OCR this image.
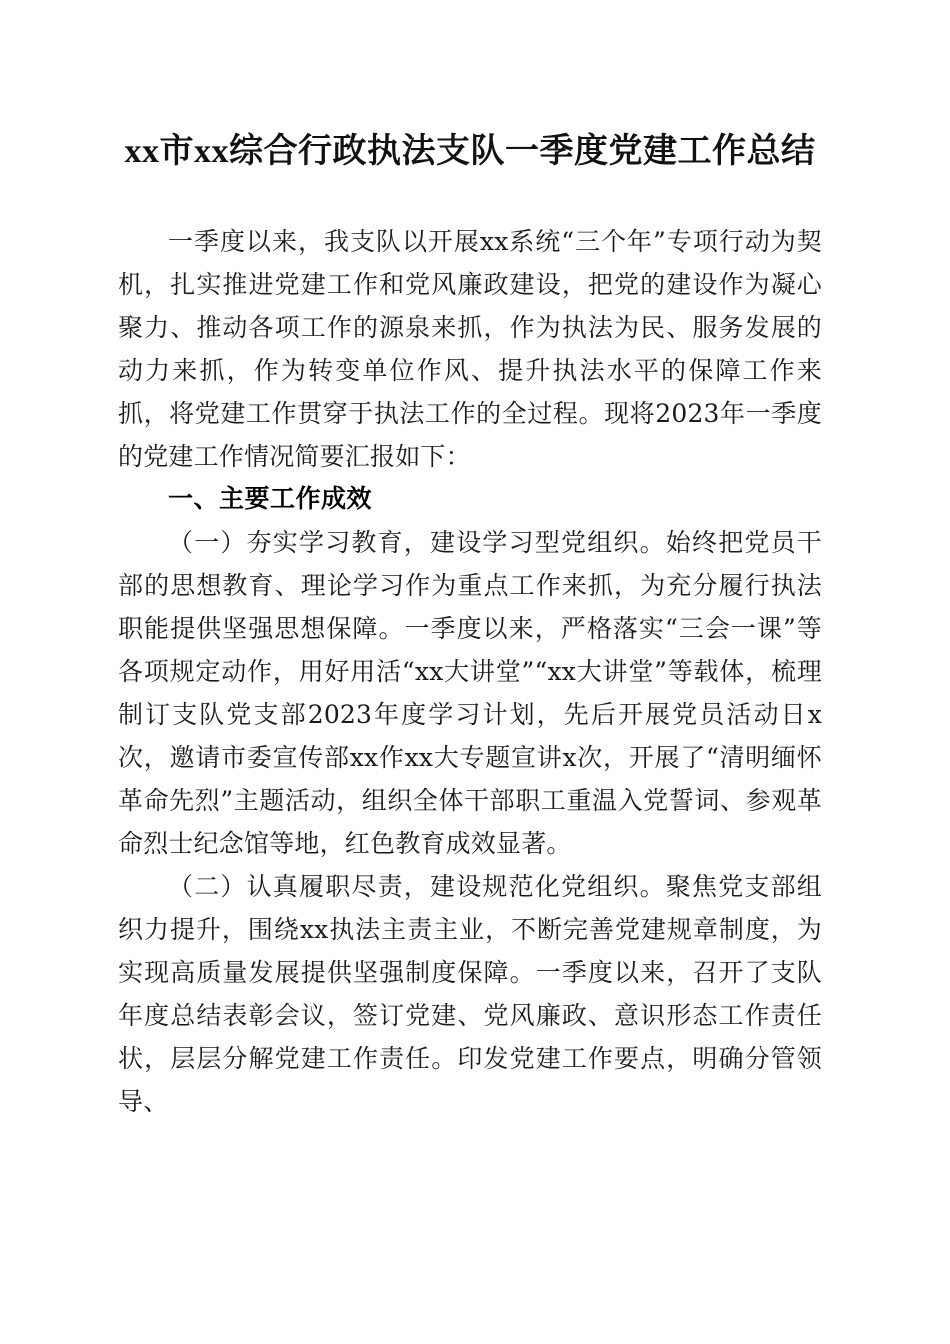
xx市xx综合行政执法支队一季度党建工作总结

一季度以来，我支队以开展xx系统“三个年”专项行动为契机，扎实推进党建工作和党风廉政建设，把党的建设作为凝心聚力、推动各项工作的源泉来抓，作为执法为民、服务发展的动力来抓，作为转变单位作风、提升执法水平的保障工作来抓，将党建工作贯穿于执法工作的全过程。现将2023年一季度的党建工作情况简要汇报如下：

一、主要工作成效

（一）夯实学习教育，建设学习型党组织。始终把党员干部的思想教育、理论学习作为重点工作来抓，为充分履行执法职能提供坚强思想保障。一季度以来，严格落实“三会一课”等各项规定动作，用好用活“xx大讲堂”“xx大讲堂”等载体，梳理制订支队党支部2023年度学习计划，先后开展党员活动日x次，邀请市委宣传部xx作xx大专题宣讲x次，开展了“清明缅怀革命先烈”主题活动，组织全体干部职工重温入党誓词、参观革命烈士纪念馆等地，红色教育成效显著。

（二）认真履职尽责，建设规范化党组织。聚焦党支部组织力提升，围绕xx执法主责主业，不断完善党建规章制度，为实现高质量发展提供坚强制度保障。一季度以来，召开了支队年度总结表彰会议，签订党建、党风廉政、意识形态工作责任状，层层分解党建工作责任。印发党建工作要点，明确分管领导、
